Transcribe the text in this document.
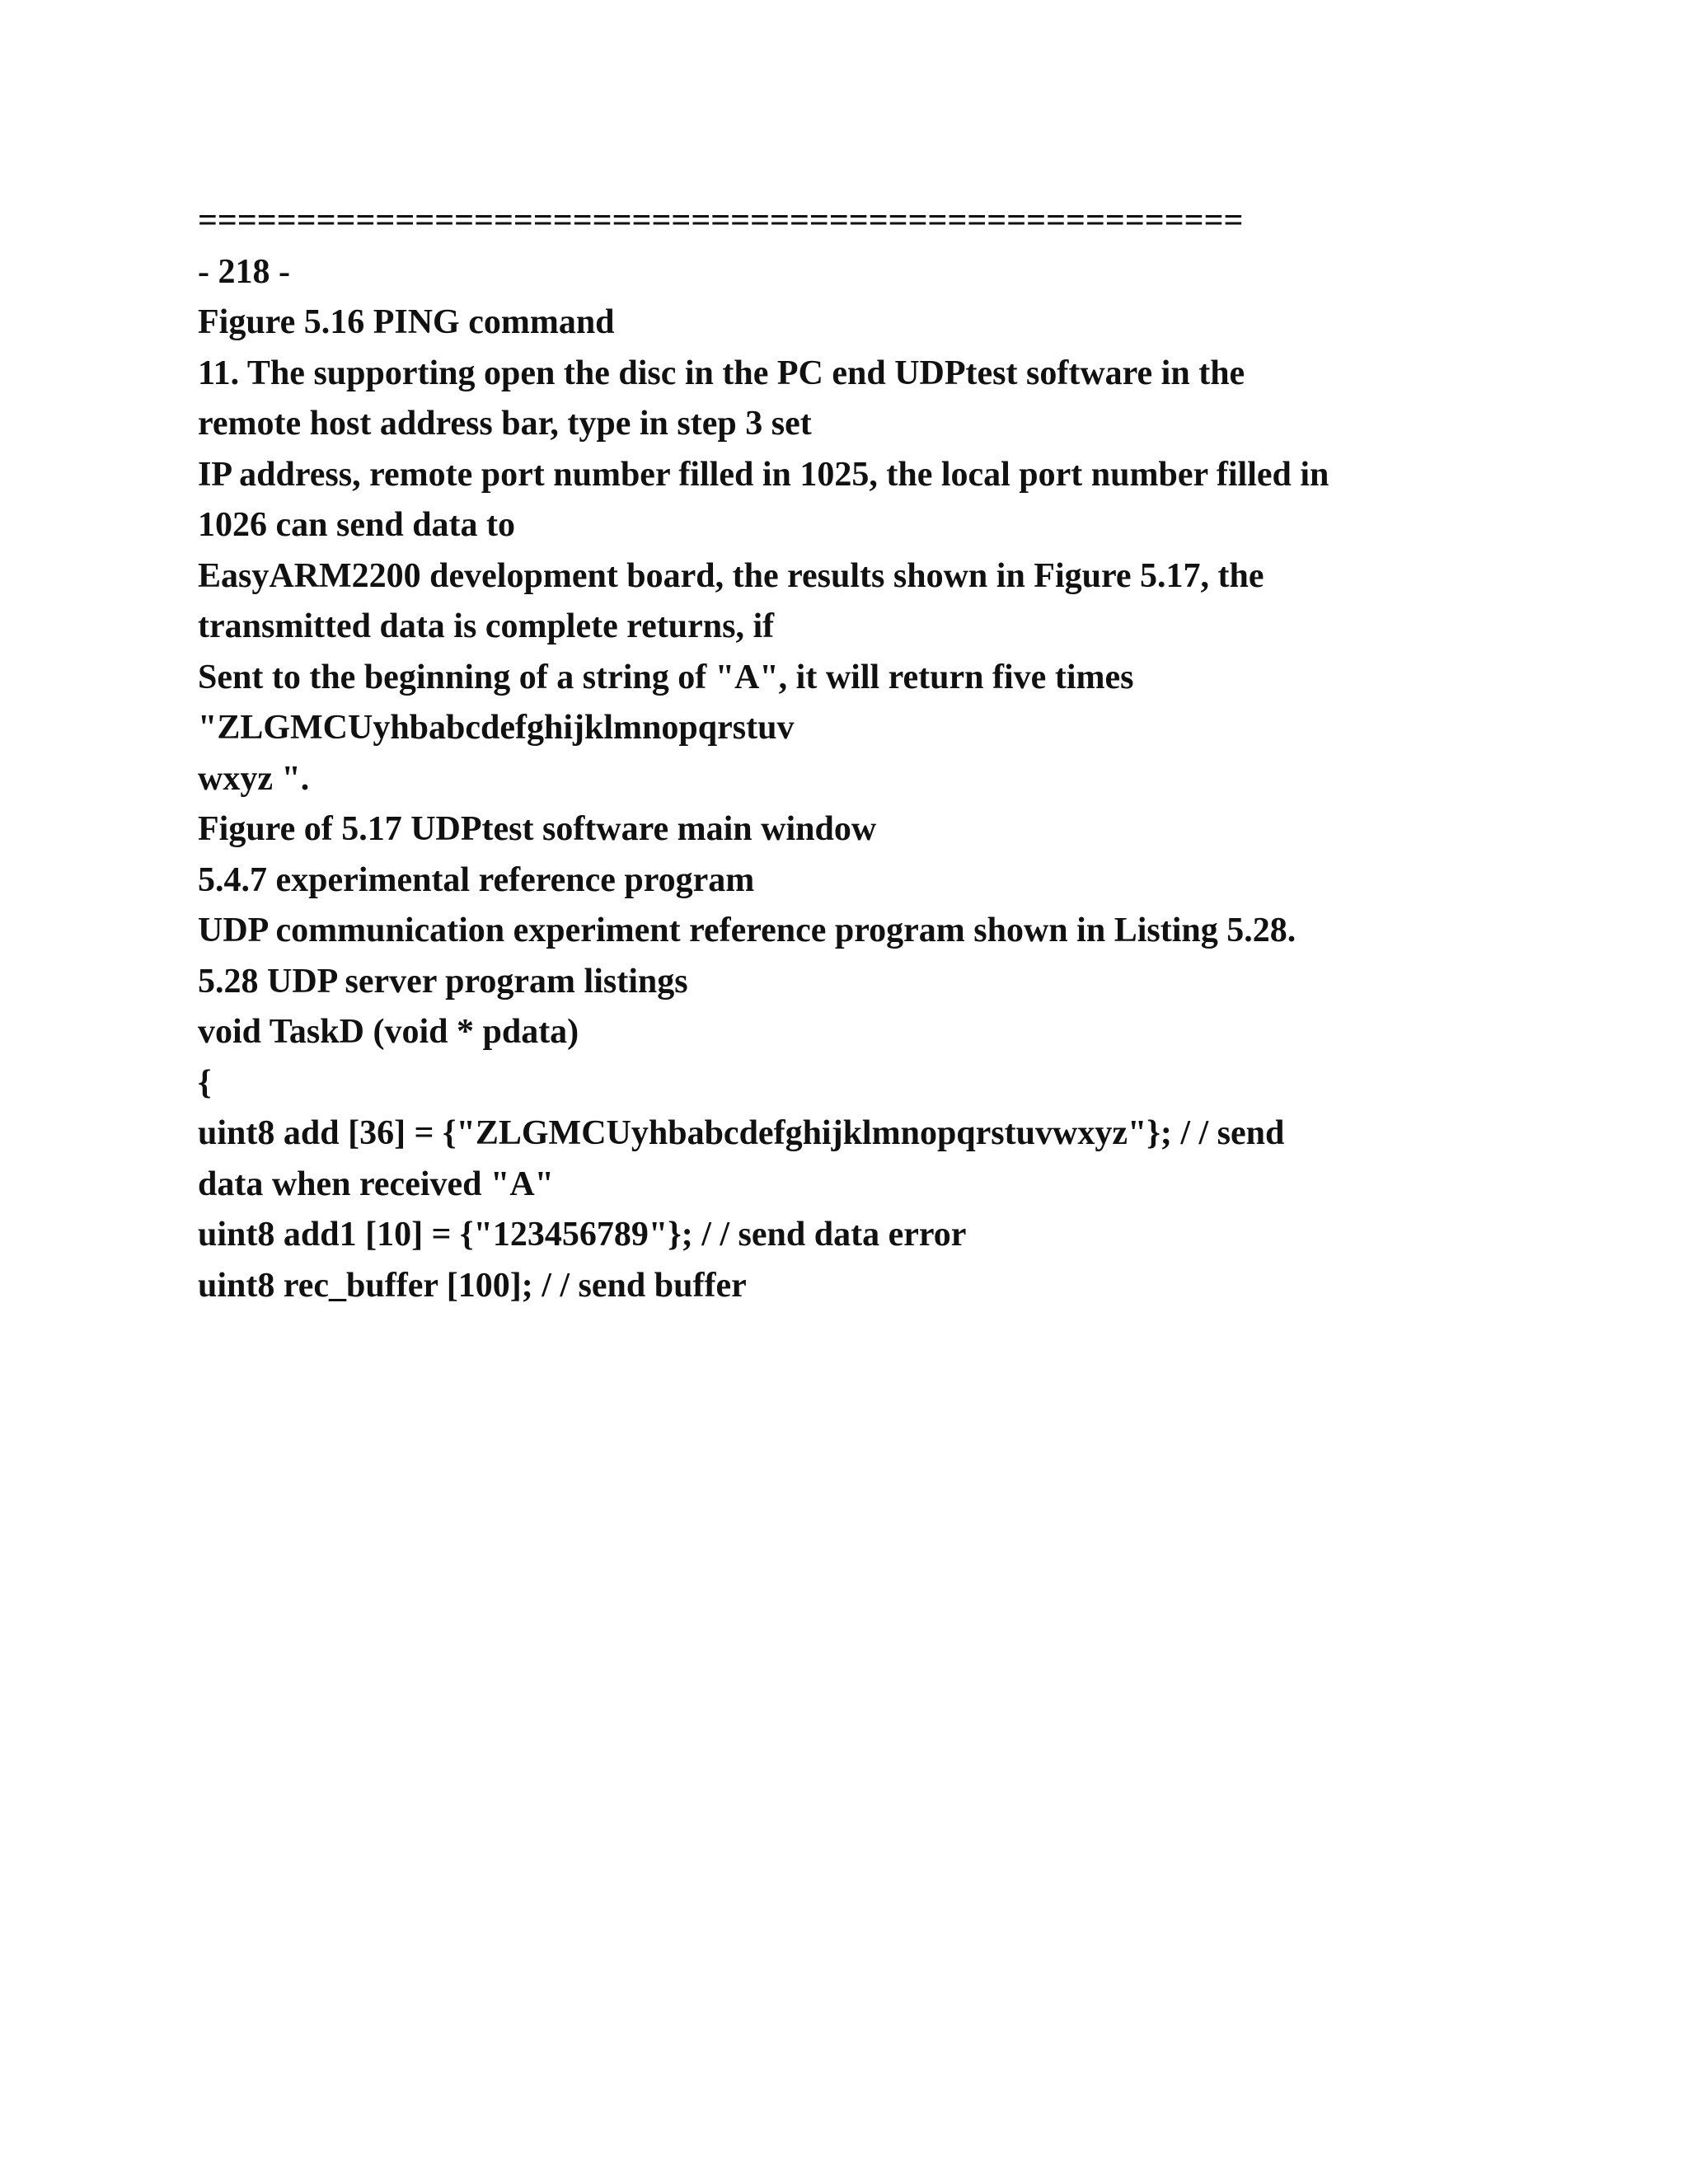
=====================================================
- 218 -
Figure 5.16 PING command
11. The supporting open the disc in the PC end UDPtest software in the
remote host address bar, type in step 3 set
IP address, remote port number filled in 1025, the local port number filled in
1026 can send data to
EasyARM2200 development board, the results shown in Figure 5.17, the
transmitted data is complete returns, if
Sent to the beginning of a string of "A", it will return five times
"ZLGMCUyhbabcdefghijklmnopqrstuv
wxyz ".
Figure of 5.17 UDPtest software main window
5.4.7 experimental reference program
UDP communication experiment reference program shown in Listing 5.28.
5.28 UDP server program listings
void TaskD (void * pdata)
{
uint8 add [36] = {"ZLGMCUyhbabcdefghijklmnopqrstuvwxyz"}; / / send
data when received "A"
uint8 add1 [10] = {"123456789"}; / / send data error
uint8 rec_buffer [100]; / / send buffer
